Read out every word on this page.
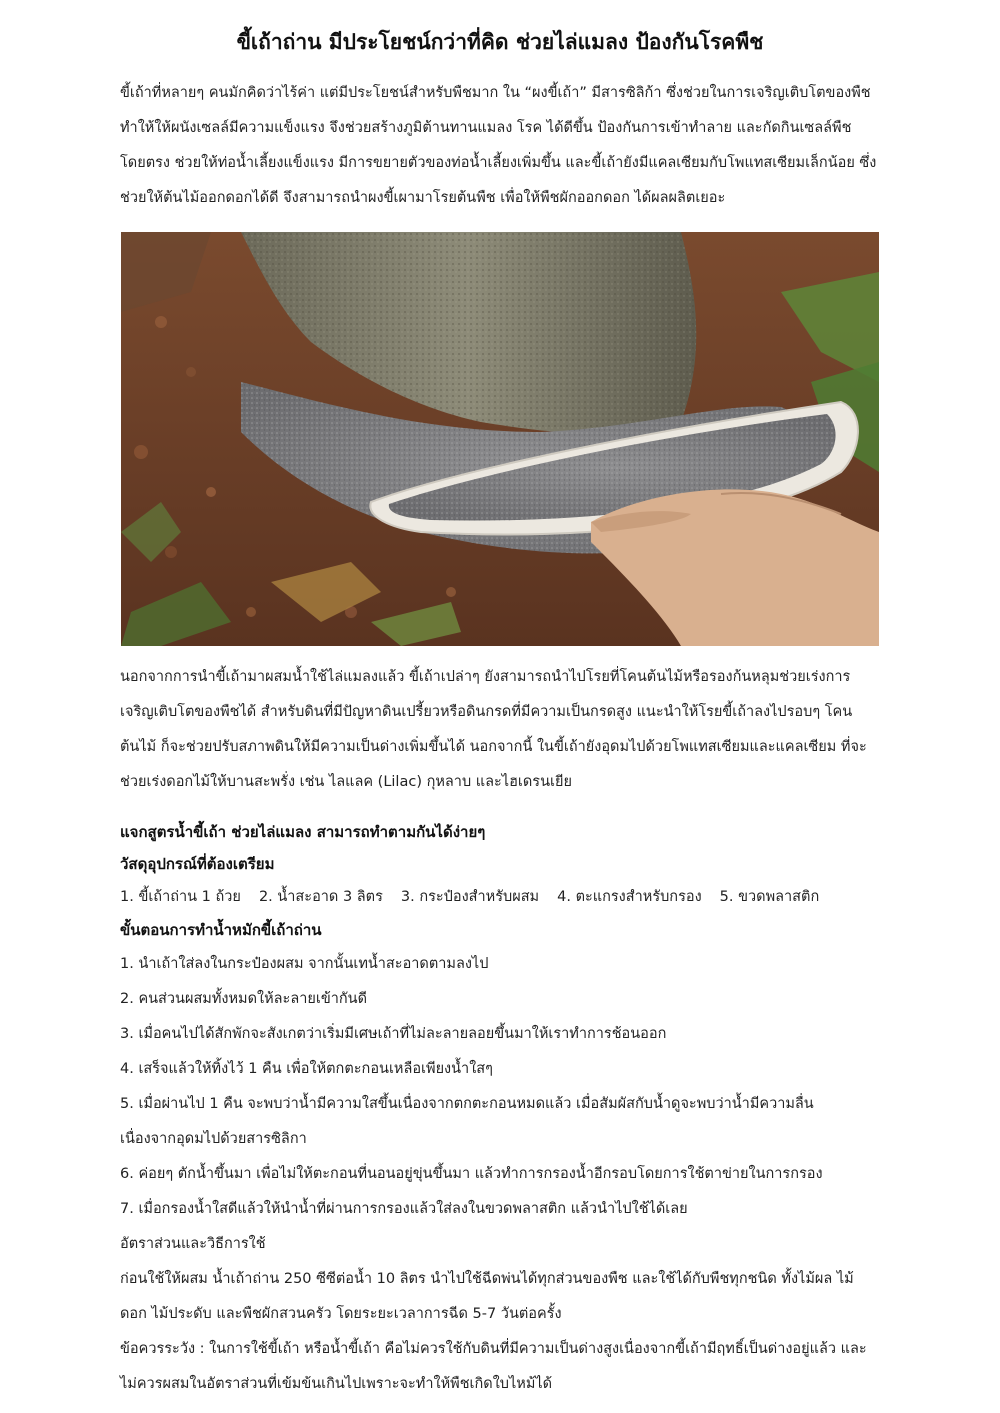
ขี้เถ้าถ่าน มีประโยชน์กว่าที่คิด ช่วยไล่แมลง ป้องกันโรคพืช

ขี้เถ้าที่หลายๆ คนมักคิดว่าไร้ค่า แต่มีประโยชน์สำหรับพืชมาก ใน “ผงขี้เถ้า” มีสารซิลิก้า ซึ่งช่วยในการเจริญเติบโตของพืช ทำให้ให้ผนังเซลล์มีความแข็งแรง จึงช่วยสร้างภูมิต้านทานแมลง โรค ได้ดีขึ้น ป้องกันการเข้าทำลาย และกัดกินเซลล์พืชโดยตรง ช่วยให้ท่อน้ำเลี้ยงแข็งแรง มีการขยายตัวของท่อน้ำเลี้ยงเพิ่มขึ้น และขี้เถ้ายังมีแคลเซียมกับโพแทสเซียมเล็กน้อย ซึ่งช่วยให้ต้นไม้ออกดอกได้ดี จึงสามารถนำผงขี้เผามาโรยต้นพืช เพื่อให้พืชผักออกดอก ได้ผลผลิตเยอะ

นอกจากการนำขี้เถ้ามาผสมน้ำใช้ไล่แมลงแล้ว ขี้เถ้าเปล่าๆ ยังสามารถนำไปโรยที่โคนต้นไม้หรือรองก้นหลุมช่วยเร่งการเจริญเติบโตของพืชได้ สำหรับดินที่มีปัญหาดินเปรี้ยวหรือดินกรดที่มีความเป็นกรดสูง แนะนำให้โรยขี้เถ้าลงไปรอบๆ โคนต้นไม้ ก็จะช่วยปรับสภาพดินให้มีความเป็นด่างเพิ่มขึ้นได้ นอกจากนี้ ในขี้เถ้ายังอุดมไปด้วยโพแทสเซียมและแคลเซียม ที่จะช่วยเร่งดอกไม้ให้บานสะพรั่ง เช่น ไลแลค (Lilac) กุหลาบ และไฮเดรนเยีย

แจกสูตรน้ำขี้เถ้า ช่วยไล่แมลง สามารถทำตามกันได้ง่ายๆ

วัสดุอุปกรณ์ที่ต้องเตรียม

1. ขี้เถ้าถ่าน 1 ถ้วย 2. น้ำสะอาด 3 ลิตร 3. กระป๋องสำหรับผสม 4. ตะแกรงสำหรับกรอง 5. ขวดพลาสติก

ขั้นตอนการทำน้ำหมักขี้เถ้าถ่าน

1. นำเถ้าใส่ลงในกระป๋องผสม จากนั้นเทน้ำสะอาดตามลงไป

2. คนส่วนผสมทั้งหมดให้ละลายเข้ากันดี

3. เมื่อคนไปได้สักพักจะสังเกตว่าเริ่มมีเศษเถ้าที่ไม่ละลายลอยขึ้นมาให้เราทำการช้อนออก

4. เสร็จแล้วให้ทิ้งไว้ 1 คืน เพื่อให้ตกตะกอนเหลือเพียงน้ำใสๆ

5. เมื่อผ่านไป 1 คืน จะพบว่าน้ำมีความใสขึ้นเนื่องจากตกตะกอนหมดแล้ว เมื่อสัมผัสกับน้ำดูจะพบว่าน้ำมีความลื่น

เนื่องจากอุดมไปด้วยสารซิลิกา

6. ค่อยๆ ตักน้ำขึ้นมา เพื่อไม่ให้ตะกอนที่นอนอยู่ขุ่นขึ้นมา แล้วทำการกรองน้ำอีกรอบโดยการใช้ตาข่ายในการกรอง

7. เมื่อกรองน้ำใสดีแล้วให้นำน้ำที่ผ่านการกรองแล้วใส่ลงในขวดพลาสติก แล้วนำไปใช้ได้เลย

อัตราส่วนและวิธีการใช้

ก่อนใช้ให้ผสม น้ำเถ้าถ่าน 250 ซีซีต่อน้ำ 10 ลิตร นำไปใช้ฉีดพ่นได้ทุกส่วนของพืช และใช้ได้กับพืชทุกชนิด ทั้งไม้ผล ไม้

ดอก ไม้ประดับ และพืชผักสวนครัว โดยระยะเวลาการฉีด 5-7 วันต่อครั้ง

ข้อควรระวัง : ในการใช้ขี้เถ้า หรือน้ำขี้เถ้า คือไม่ควรใช้กับดินที่มีความเป็นด่างสูงเนื่องจากขี้เถ้ามีฤทธิ์เป็นด่างอยู่แล้ว และ

ไม่ควรผสมในอัตราส่วนที่เข้มข้นเกินไปเพราะจะทำให้พืชเกิดใบไหม้ได้
